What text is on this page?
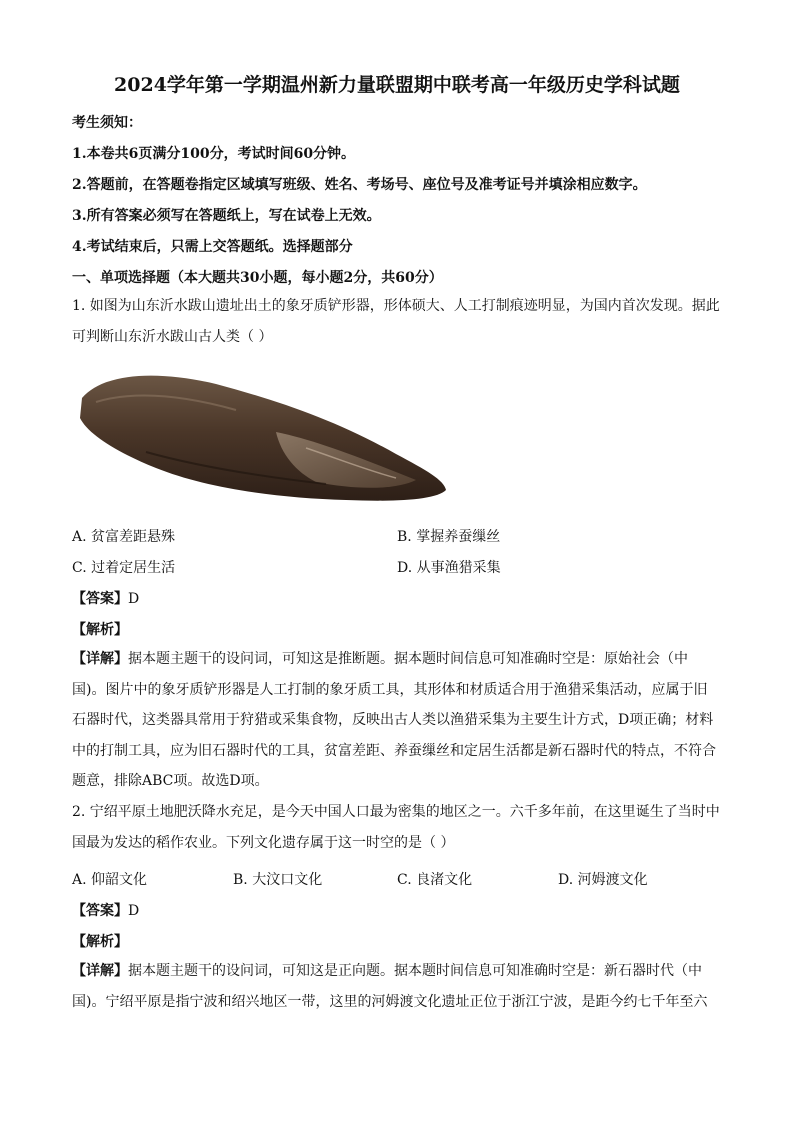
2024学年第一学期温州新力量联盟期中联考高一年级历史学科试题
考生须知：
1.本卷共6页满分100分，考试时间60分钟。
2.答题前，在答题卷指定区域填写班级、姓名、考场号、座位号及准考证号并填涂相应数字。
3.所有答案必须写在答题纸上，写在试卷上无效。
4.考试结束后，只需上交答题纸。选择题部分
一、单项选择题（本大题共30小题，每小题2分，共60分）
1. 如图为山东沂水跋山遗址出土的象牙质铲形器，形体硕大、人工打制痕迹明显，为国内首次发现。据此
可判断山东沂水跋山古人类（ ）
A. 贫富差距悬殊	B. 掌握养蚕缫丝
C. 过着定居生活	D. 从事渔猎采集
【答案】D
【解析】
【详解】据本题主题干的设问词，可知这是推断题。据本题时间信息可知准确时空是：原始社会（中
国)。图片中的象牙质铲形器是人工打制的象牙质工具，其形体和材质适合用于渔猎采集活动，应属于旧
石器时代，这类器具常用于狩猎或采集食物，反映出古人类以渔猎采集为主要生计方式，D项正确；材料
中的打制工具，应为旧石器时代的工具，贫富差距、养蚕缫丝和定居生活都是新石器时代的特点，不符合
题意，排除ABC项。故选D项。
2. 宁绍平原土地肥沃降水充足，是今天中国人口最为密集的地区之一。六千多年前，在这里诞生了当时中
国最为发达的稻作农业。下列文化遗存属于这一时空的是（ ）
A. 仰韶文化	B. 大汶口文化	C. 良渚文化	D. 河姆渡文化
【答案】D
【解析】
【详解】据本题主题干的设问词，可知这是正向题。据本题时间信息可知准确时空是：新石器时代（中
国)。宁绍平原是指宁波和绍兴地区一带，这里的河姆渡文化遗址正位于浙江宁波，是距今约七千年至六
